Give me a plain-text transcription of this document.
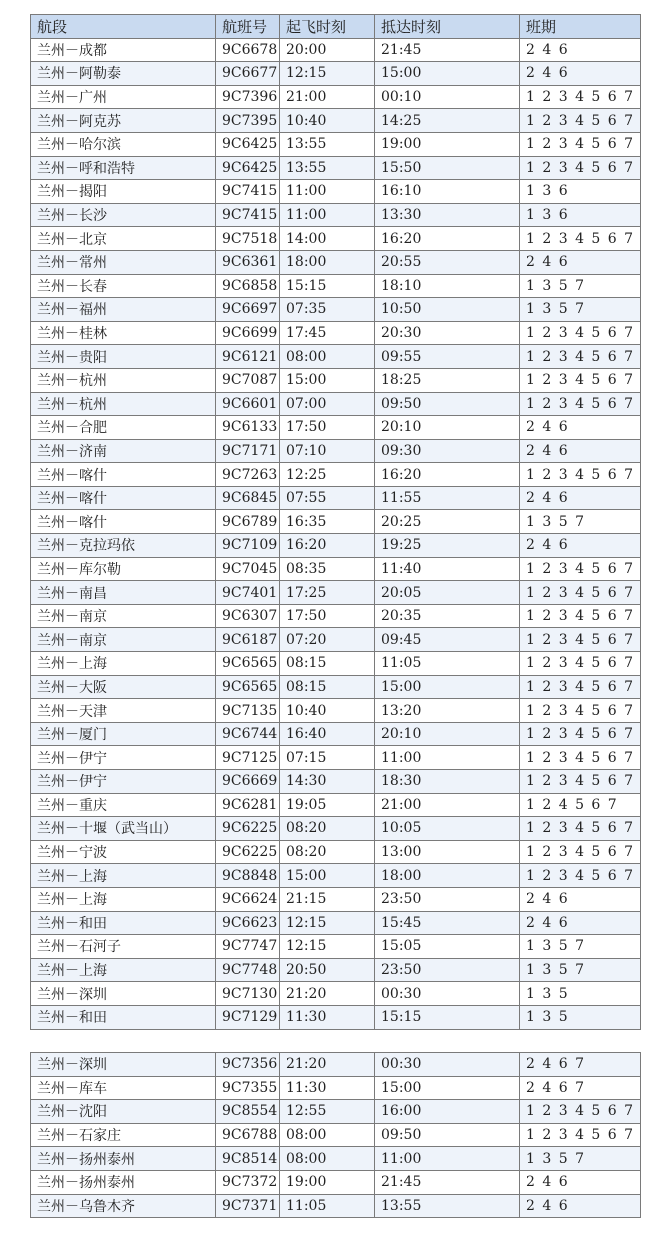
航段	航班号	起飞时刻	抵达时刻	班期
兰州－成都	9C6678	20:00	21:45	2 4 6
兰州－阿勒泰	9C6677	12:15	15:00	2 4 6
兰州－广州	9C7396	21:00	00:10	1 2 3 4 5 6 7
兰州－阿克苏	9C7395	10:40	14:25	1 2 3 4 5 6 7
兰州－哈尔滨	9C6425	13:55	19:00	1 2 3 4 5 6 7
兰州－呼和浩特	9C6425	13:55	15:50	1 2 3 4 5 6 7
兰州－揭阳	9C7415	11:00	16:10	1 3 6
兰州－长沙	9C7415	11:00	13:30	1 3 6
兰州－北京	9C7518	14:00	16:20	1 2 3 4 5 6 7
兰州－常州	9C6361	18:00	20:55	2 4 6
兰州－长春	9C6858	15:15	18:10	1 3 5 7
兰州－福州	9C6697	07:35	10:50	1 3 5 7
兰州－桂林	9C6699	17:45	20:30	1 2 3 4 5 6 7
兰州－贵阳	9C6121	08:00	09:55	1 2 3 4 5 6 7
兰州－杭州	9C7087	15:00	18:25	1 2 3 4 5 6 7
兰州－杭州	9C6601	07:00	09:50	1 2 3 4 5 6 7
兰州－合肥	9C6133	17:50	20:10	2 4 6
兰州－济南	9C7171	07:10	09:30	2 4 6
兰州－喀什	9C7263	12:25	16:20	1 2 3 4 5 6 7
兰州－喀什	9C6845	07:55	11:55	2 4 6
兰州－喀什	9C6789	16:35	20:25	1 3 5 7
兰州－克拉玛依	9C7109	16:20	19:25	2 4 6
兰州－库尔勒	9C7045	08:35	11:40	1 2 3 4 5 6 7
兰州－南昌	9C7401	17:25	20:05	1 2 3 4 5 6 7
兰州－南京	9C6307	17:50	20:35	1 2 3 4 5 6 7
兰州－南京	9C6187	07:20	09:45	1 2 3 4 5 6 7
兰州－上海	9C6565	08:15	11:05	1 2 3 4 5 6 7
兰州－大阪	9C6565	08:15	15:00	1 2 3 4 5 6 7
兰州－天津	9C7135	10:40	13:20	1 2 3 4 5 6 7
兰州－厦门	9C6744	16:40	20:10	1 2 3 4 5 6 7
兰州－伊宁	9C7125	07:15	11:00	1 2 3 4 5 6 7
兰州－伊宁	9C6669	14:30	18:30	1 2 3 4 5 6 7
兰州－重庆	9C6281	19:05	21:00	1 2 4 5 6 7
兰州－十堰（武当山）	9C6225	08:20	10:05	1 2 3 4 5 6 7
兰州－宁波	9C6225	08:20	13:00	1 2 3 4 5 6 7
兰州－上海	9C8848	15:00	18:00	1 2 3 4 5 6 7
兰州－上海	9C6624	21:15	23:50	2 4 6
兰州－和田	9C6623	12:15	15:45	2 4 6
兰州－石河子	9C7747	12:15	15:05	1 3 5 7
兰州－上海	9C7748	20:50	23:50	1 3 5 7
兰州－深圳	9C7130	21:20	00:30	1 3 5
兰州－和田	9C7129	11:30	15:15	1 3 5
兰州－深圳	9C7356	21:20	00:30	2 4 6 7
兰州－库车	9C7355	11:30	15:00	2 4 6 7
兰州－沈阳	9C8554	12:55	16:00	1 2 3 4 5 6 7
兰州－石家庄	9C6788	08:00	09:50	1 2 3 4 5 6 7
兰州－扬州泰州	9C8514	08:00	11:00	1 3 5 7
兰州－扬州泰州	9C7372	19:00	21:45	2 4 6
兰州－乌鲁木齐	9C7371	11:05	13:55	2 4 6
